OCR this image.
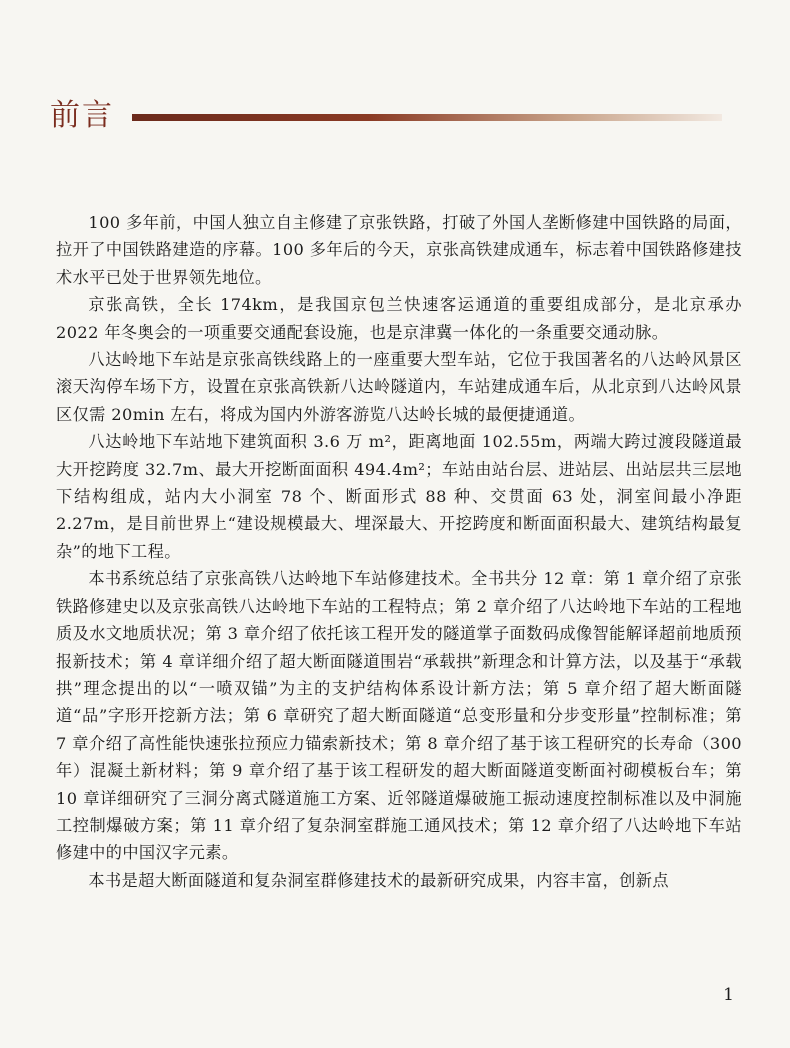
前言

100 多年前，中国人独立自主修建了京张铁路，打破了外国人垄断修建中国铁路的局面，拉开了中国铁路建造的序幕。100 多年后的今天，京张高铁建成通车，标志着中国铁路修建技术水平已处于世界领先地位。

京张高铁，全长 174km，是我国京包兰快速客运通道的重要组成部分，是北京承办 2022 年冬奥会的一项重要交通配套设施，也是京津冀一体化的一条重要交通动脉。

八达岭地下车站是京张高铁线路上的一座重要大型车站，它位于我国著名的八达岭风景区滚天沟停车场下方，设置在京张高铁新八达岭隧道内，车站建成通车后，从北京到八达岭风景区仅需 20min 左右，将成为国内外游客游览八达岭长城的最便捷通道。

八达岭地下车站地下建筑面积 3.6 万 m²，距离地面 102.55m，两端大跨过渡段隧道最大开挖跨度 32.7m、最大开挖断面面积 494.4m²；车站由站台层、进站层、出站层共三层地下结构组成，站内大小洞室 78 个、断面形式 88 种、交贯面 63 处，洞室间最小净距 2.27m，是目前世界上“建设规模最大、埋深最大、开挖跨度和断面面积最大、建筑结构最复杂”的地下工程。

本书系统总结了京张高铁八达岭地下车站修建技术。全书共分 12 章：第 1 章介绍了京张铁路修建史以及京张高铁八达岭地下车站的工程特点；第 2 章介绍了八达岭地下车站的工程地质及水文地质状况；第 3 章介绍了依托该工程开发的隧道掌子面数码成像智能解译超前地质预报新技术；第 4 章详细介绍了超大断面隧道围岩“承载拱”新理念和计算方法，以及基于“承载拱”理念提出的以“一喷双锚”为主的支护结构体系设计新方法；第 5 章介绍了超大断面隧道“品”字形开挖新方法；第 6 章研究了超大断面隧道“总变形量和分步变形量”控制标准；第 7 章介绍了高性能快速张拉预应力锚索新技术；第 8 章介绍了基于该工程研究的长寿命（300 年）混凝土新材料；第 9 章介绍了基于该工程研发的超大断面隧道变断面衬砌模板台车；第 10 章详细研究了三洞分离式隧道施工方案、近邻隧道爆破施工振动速度控制标准以及中洞施工控制爆破方案；第 11 章介绍了复杂洞室群施工通风技术；第 12 章介绍了八达岭地下车站修建中的中国汉字元素。

本书是超大断面隧道和复杂洞室群修建技术的最新研究成果，内容丰富，创新点

1
